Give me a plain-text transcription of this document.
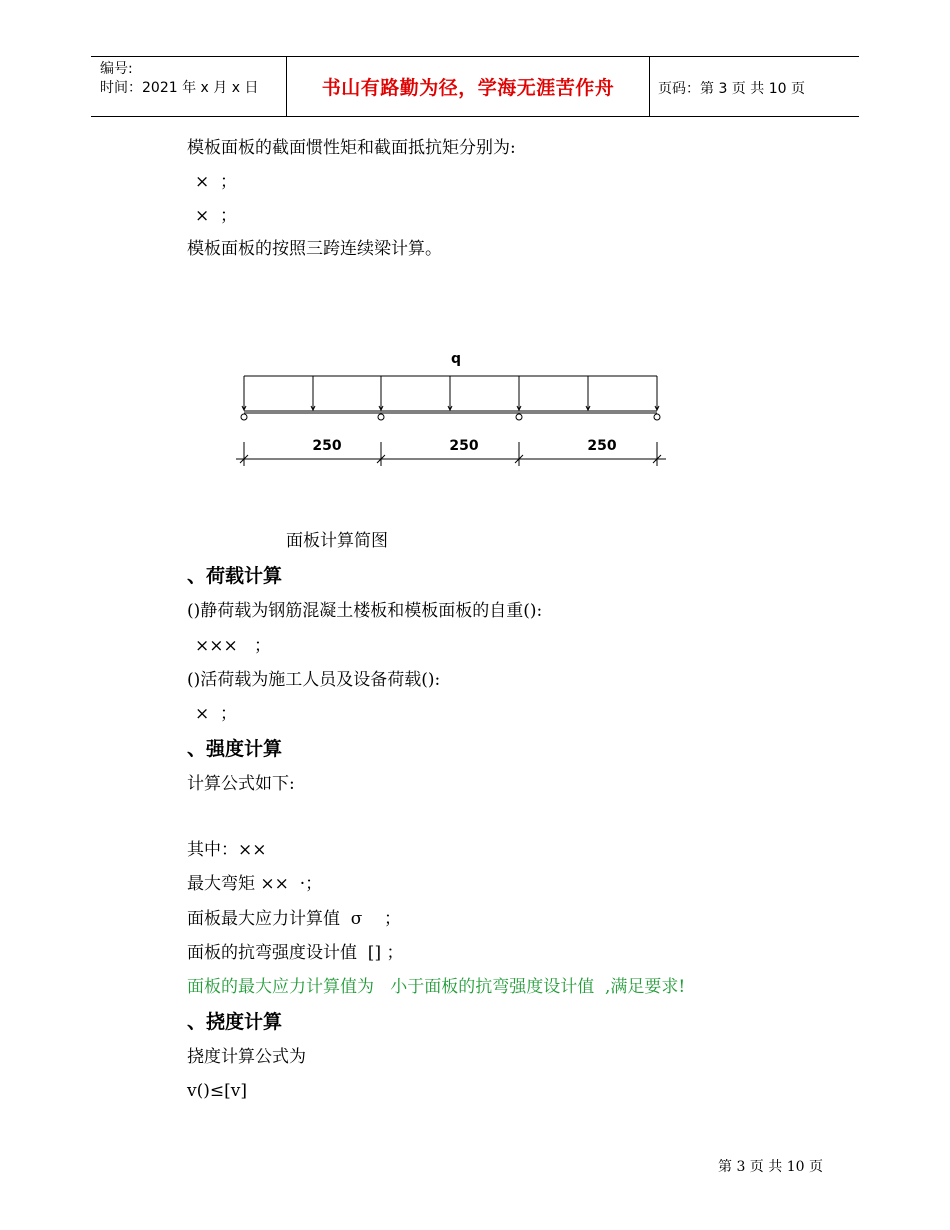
编号:
时间：2021 年 x 月 x 日	书山有路勤为径，学海无涯苦作舟	页码：第 3 页 共 10 页
模板面板的截面惯性矩和截面抵抗矩分别为:
×  ；
×  ；
模板面板的按照三跨连续梁计算。
q
250	250	250
面板计算简图
、荷载计算
()静荷载为钢筋混凝土楼板和模板面板的自重():
×××   ；
()活荷载为施工人员及设备荷载():
×  ；
、强度计算
计算公式如下:
其中：××
最大弯矩 ××  ·；
面板最大应力计算值  σ    ；
面板的抗弯强度设计值  [] ；
面板的最大应力计算值为   小于面板的抗弯强度设计值  ,满足要求!
、挠度计算
挠度计算公式为
v()≤[v]
第 3 页 共 10 页
